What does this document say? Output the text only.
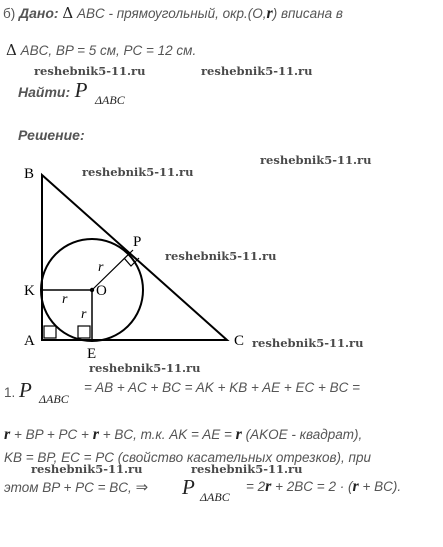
б) Дано: Δ ABC - прямоугольный, окр.(O,r) вписана в
Δ ABC, BP = 5 см, PC = 12 см.
reshebnik5-11.ru	reshebnik5-11.ru
Найти: P ΔABC
Решение:
B
P
K	O
A
E
C
r
r
r
reshebnik5-11.ru
reshebnik5-11.ru
reshebnik5-11.ru
reshebnik5-11.ru
reshebnik5-11.ru
1. P ΔABC
= AB + AC + BC = AK + KB + AE + EC + BC =
r + BP + PC + r + BC, т.к. AK = AE = r (AKOE - квадрат),
KB = BP, EC = PC (свойство касательных отрезков), при
reshebnik5-11.ru	reshebnik5-11.ru
этом BP + PC = BC, ⇒ P ΔABC
= 2r + 2BC = 2 · (r + BC).
